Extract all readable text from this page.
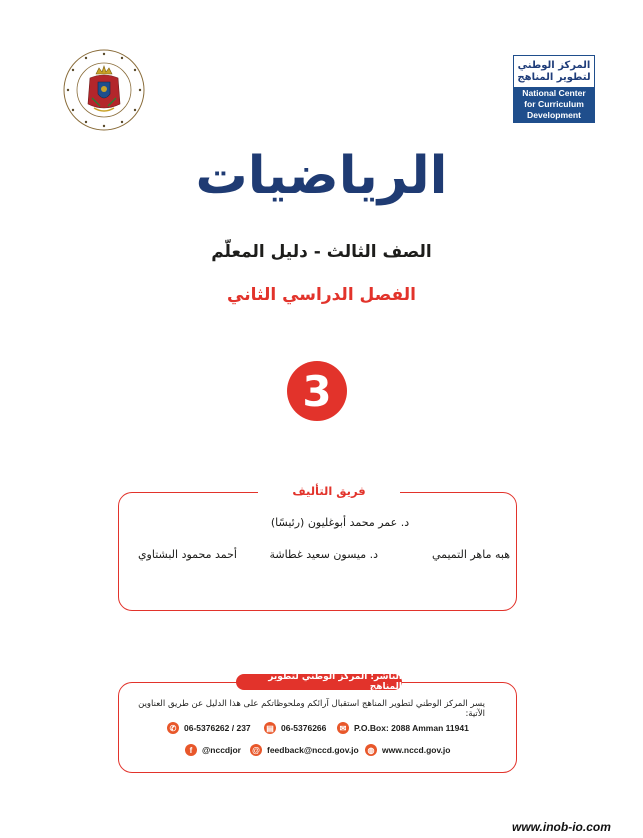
المركز الوطني
لتطوير المناهج
National Center
for Curriculum
Development
الرياضيات
الصف الثالث - دليل المعلّم
الفصل الدراسي الثاني
3
فريق التأليف
د. عمر محمد أبوغليون (رئيسًا)
هبه ماهر التميمي
د. ميسون سعيد غطاشة
أحمد محمود البشتاوي
الناشر: المركز الوطني لتطوير المناهج
يسر المركز الوطني لتطوير المناهج استقبال آرائكم وملحوظاتكم على هذا الدليل عن طريق العناوين الآتية:
✆ 06-5376262 / 237 ▤ 06-5376266	✉ P.O.Box: 2088 Amman 11941
f	@nccdjor @ feedback@nccd.gov.jo	◍ www.nccd.gov.jo
www.inob-io.com
